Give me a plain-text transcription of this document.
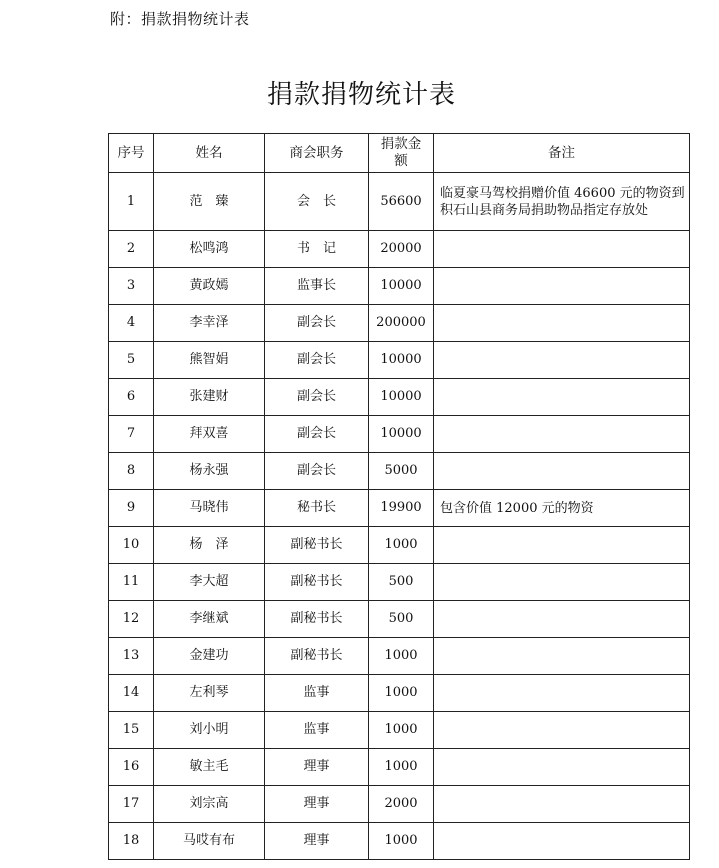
附：捐款捐物统计表
捐款捐物统计表
序号	姓名	商会职务	捐款金额	备注
1	范　臻	会　长	56600	临夏豪马驾校捐赠价值 46600 元的物资到积石山县商务局捐助物品指定存放处
2	松鸣鸿	书　记	20000	
3	黄政嫣	监事长	10000	
4	李幸泽	副会长	200000	
5	熊智娟	副会长	10000	
6	张建财	副会长	10000	
7	拜双喜	副会长	10000	
8	杨永强	副会长	5000	
9	马晓伟	秘书长	19900	包含价值 12000 元的物资
10	杨　泽	副秘书长	1000	
11	李大超	副秘书长	500	
12	李继斌	副秘书长	500	
13	金建功	副秘书长	1000	
14	左利琴	监事	1000	
15	刘小明	监事	1000	
16	敏主毛	理事	1000	
17	刘宗高	理事	2000	
18	马哎有布	理事	1000	
